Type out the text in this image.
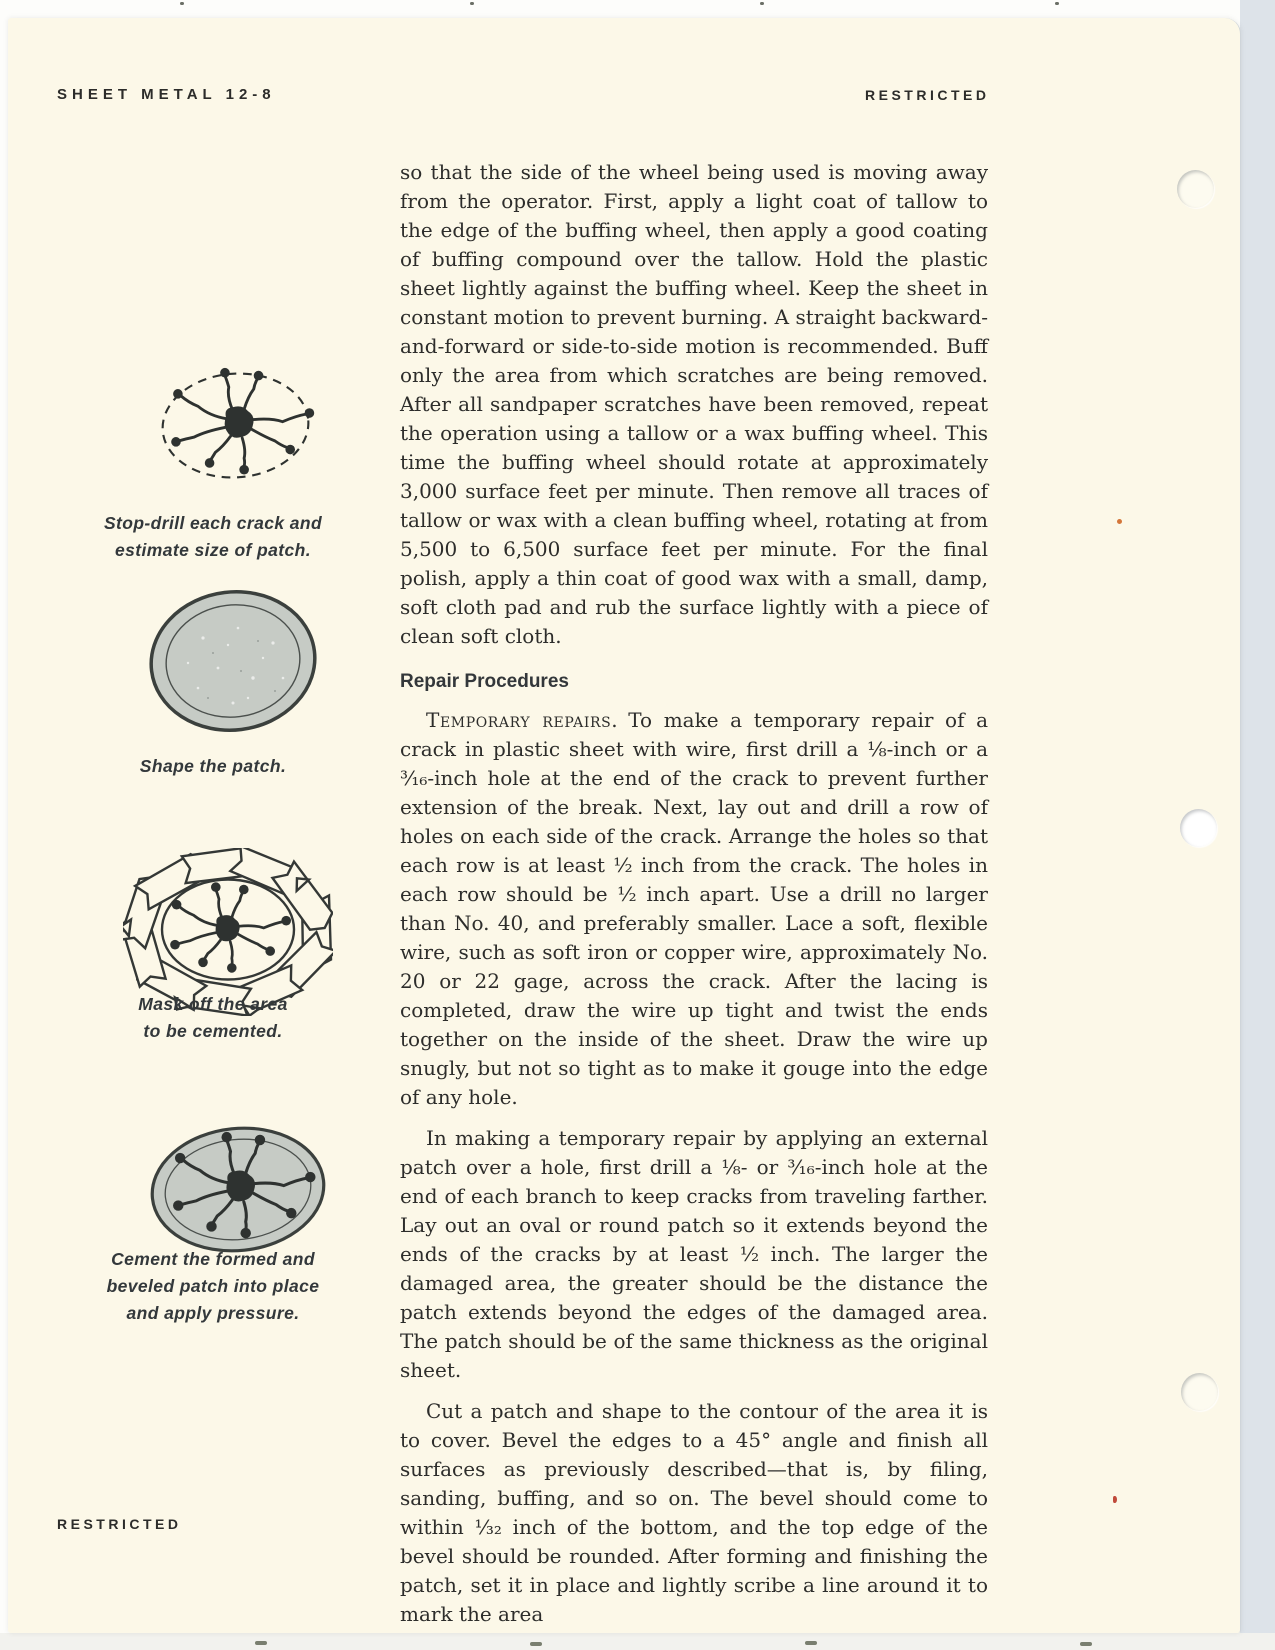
SHEET METAL 12-8	RESTRICTED
Stop-drill each crack and
estimate size of patch.
Shape the patch.
Mask off the area
to be cemented.
Cement the formed and
beveled patch into place
and apply pressure.

so that the side of the wheel being used is moving away from the operator. First, apply a light coat of tallow to the edge of the buffing wheel, then apply a good coating of buffing compound over the tallow. Hold the plastic sheet lightly against the buffing wheel. Keep the sheet in constant motion to prevent burning. A straight backward-and-forward or side-to-side motion is recommended. Buff only the area from which scratches are being removed. After all sandpaper scratches have been removed, repeat the operation using a tallow or a wax buffing wheel. This time the buffing wheel should rotate at approximately 3,000 surface feet per minute. Then remove all traces of tallow or wax with a clean buffing wheel, rotating at from 5,500 to 6,500 surface feet per minute. For the final polish, apply a thin coat of good wax with a small, damp, soft cloth pad and rub the surface lightly with a piece of clean soft cloth.

Repair Procedures

Temporary repairs. To make a temporary repair of a crack in plastic sheet with wire, first drill a ⅛-inch or a ³⁄₁₆-inch hole at the end of the crack to prevent further extension of the break. Next, lay out and drill a row of holes on each side of the crack. Arrange the holes so that each row is at least ½ inch from the crack. The holes in each row should be ½ inch apart. Use a drill no larger than No. 40, and preferably smaller. Lace a soft, flexible wire, such as soft iron or copper wire, approximately No. 20 or 22 gage, across the crack. After the lacing is completed, draw the wire up tight and twist the ends together on the inside of the sheet. Draw the wire up snugly, but not so tight as to make it gouge into the edge of any hole.

In making a temporary repair by applying an external patch over a hole, first drill a ⅛- or ³⁄₁₆-inch hole at the end of each branch to keep cracks from traveling farther. Lay out an oval or round patch so it extends beyond the ends of the cracks by at least ½ inch. The larger the damaged area, the greater should be the distance the patch extends beyond the edges of the damaged area. The patch should be of the same thickness as the original sheet.

Cut a patch and shape to the contour of the area it is to cover. Bevel the edges to a 45° angle and finish all surfaces as previously described—that is, by filing, sanding, buffing, and so on. The bevel should come to within ¹⁄₃₂ inch of the bottom, and the top edge of the bevel should be rounded. After forming and finishing the patch, set it in place and lightly scribe a line around it to mark the area

RESTRICTED
